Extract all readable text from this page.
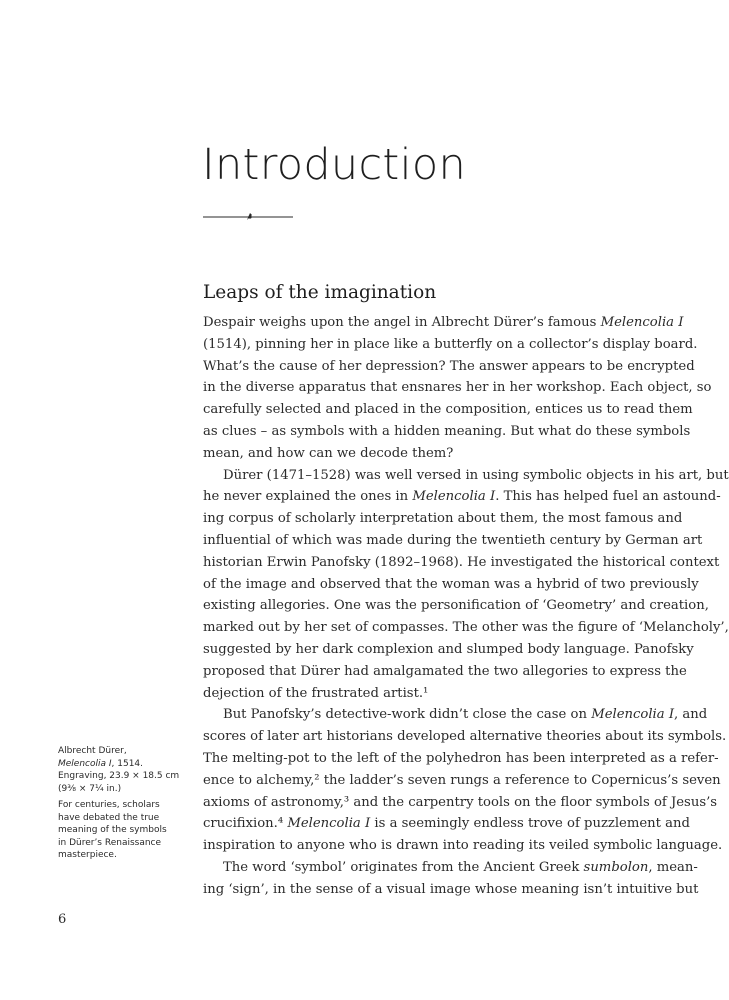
Introduction
Leaps of the imagination
Despair weighs upon the angel in Albrecht Dürer’s famous Melencolia I
(1514), pinning her in place like a butterfly on a collector’s display board.
What’s the cause of her depression? The answer appears to be encrypted
in the diverse apparatus that ensnares her in her workshop. Each object, so
carefully selected and placed in the composition, entices us to read them
as clues – as symbols with a hidden meaning. But what do these symbols
mean, and how can we decode them?
Dürer (1471–1528) was well versed in using symbolic objects in his art, but
he never explained the ones in Melencolia I. This has helped fuel an astound-
ing corpus of scholarly interpretation about them, the most famous and
influential of which was made during the twentieth century by German art
historian Erwin Panofsky (1892–1968). He investigated the historical context
of the image and observed that the woman was a hybrid of two previously
existing allegories. One was the personification of ‘Geometry’ and creation,
marked out by her set of compasses. The other was the figure of ‘Melancholy’,
suggested by her dark complexion and slumped body language. Panofsky
proposed that Dürer had amalgamated the two allegories to express the
dejection of the frustrated artist.¹
But Panofsky’s detective-work didn’t close the case on Melencolia I, and
scores of later art historians developed alternative theories about its symbols.
The melting-pot to the left of the polyhedron has been interpreted as a refer-
ence to alchemy,² the ladder’s seven rungs a reference to Copernicus’s seven
axioms of astronomy,³ and the carpentry tools on the floor symbols of Jesus’s
crucifixion.⁴ Melencolia I is a seemingly endless trove of puzzlement and
inspiration to anyone who is drawn into reading its veiled symbolic language.
The word ‘symbol’ originates from the Ancient Greek sumbolon, mean-
ing ‘sign’, in the sense of a visual image whose meaning isn’t intuitive but
Albrecht Dürer,
Melencolia I, 1514.
Engraving, 23.9 × 18.5 cm
(9⅜ × 7¼ in.)
For centuries, scholars
have debated the true
meaning of the symbols
in Dürer’s Renaissance
masterpiece.
6
